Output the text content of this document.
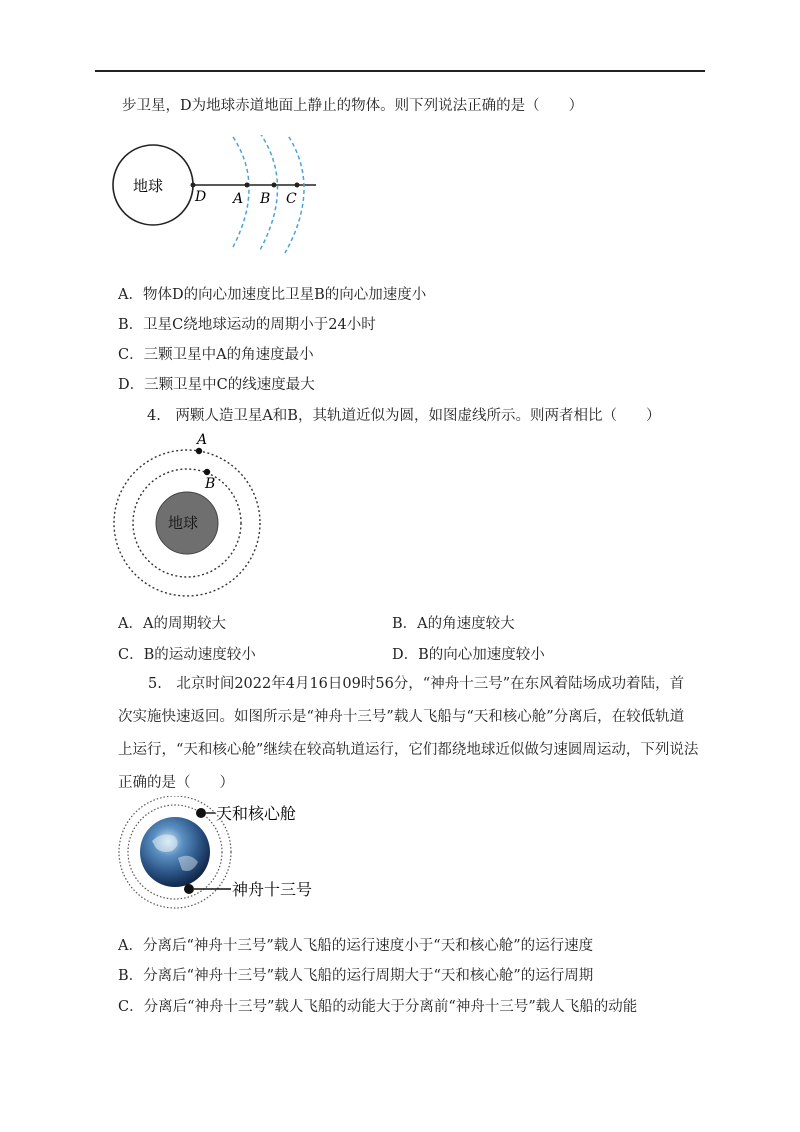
步卫星，D为地球赤道地面上静止的物体。则下列说法正确的是（　　）
地球
D A B C
A．物体D的向心加速度比卫星B的向心加速度小
B．卫星C绕地球运动的周期小于24小时
C．三颗卫星中A的角速度最小
D．三颗卫星中C的线速度最大
4.　两颗人造卫星A和B，其轨道近似为圆，如图虚线所示。则两者相比（　　）
地球
A
B
A．A的周期较大	B．A的角速度较大
C．B的运动速度较小	D．B的向心加速度较小
5.　北京时间2022年4月16日09时56分，“神舟十三号”在东风着陆场成功着陆，首
次实施快速返回。如图所示是“神舟十三号”载人飞船与“天和核心舱”分离后，在较低轨道
上运行，“天和核心舱”继续在较高轨道运行，它们都绕地球近似做匀速圆周运动，下列说法
正确的是（　　）
天和核心舱
神舟十三号
A．分离后“神舟十三号”载人飞船的运行速度小于“天和核心舱”的运行速度
B．分离后“神舟十三号”载人飞船的运行周期大于“天和核心舱”的运行周期
C．分离后“神舟十三号”载人飞船的动能大于分离前“神舟十三号”载人飞船的动能
